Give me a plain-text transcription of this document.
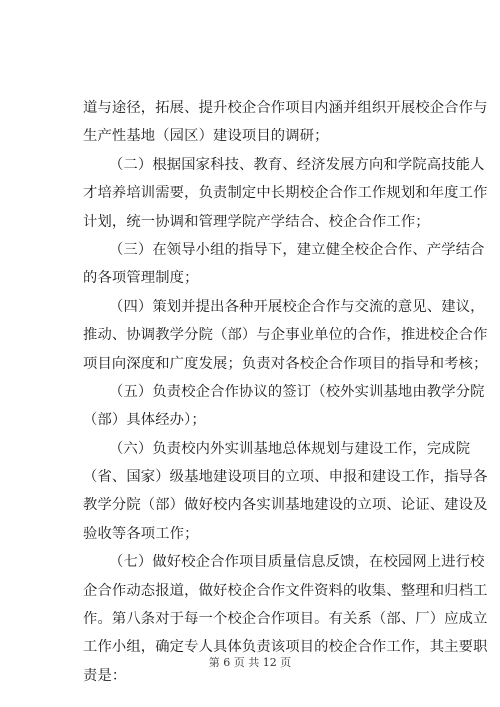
道与途径，拓展、提升校企合作项目内涵并组织开展校企合作与
生产性基地（园区）建设项目的调研；
（二）根据国家科技、教育、经济发展方向和学院高技能人
才培养培训需要，负责制定中长期校企合作工作规划和年度工作
计划，统一协调和管理学院产学结合、校企合作工作；
（三）在领导小组的指导下，建立健全校企合作、产学结合
的各项管理制度；
（四）策划并提出各种开展校企合作与交流的意见、建议，
推动、协调教学分院（部）与企事业单位的合作，推进校企合作
项目向深度和广度发展；负责对各校企合作项目的指导和考核；
（五）负责校企合作协议的签订（校外实训基地由教学分院
（部）具体经办）；
（六）负责校内外实训基地总体规划与建设工作，完成院
（省、国家）级基地建设项目的立项、申报和建设工作，指导各
教学分院（部）做好校内各实训基地建设的立项、论证、建设及
验收等各项工作；
（七）做好校企合作项目质量信息反馈，在校园网上进行校
企合作动态报道，做好校企合作文件资料的收集、整理和归档工
作。第八条对于每一个校企合作项目。有关系（部、厂）应成立
工作小组，确定专人具体负责该项目的校企合作工作，其主要职
责是：
第 6 页 共 12 页
